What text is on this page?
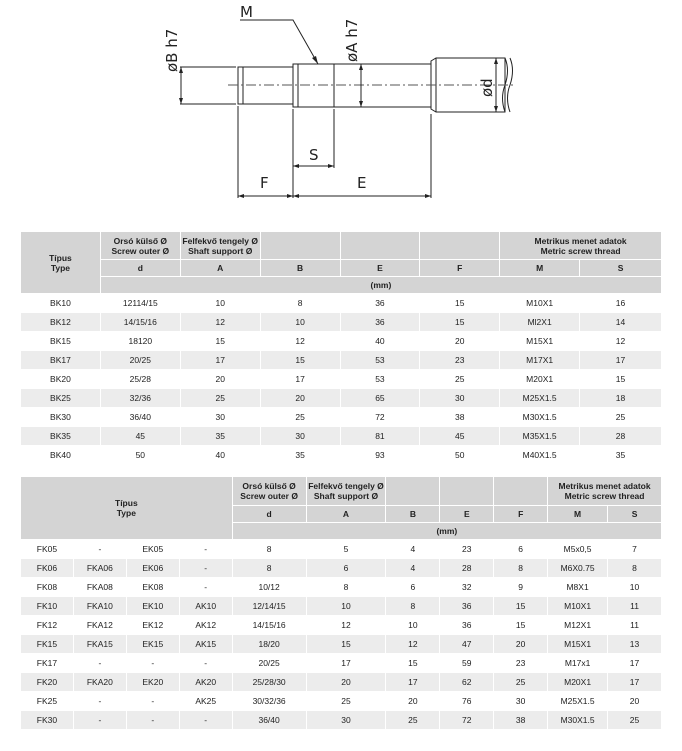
øB h7
M
øA h7
ød
S
F	E
Típus
Type	Orsó külső Ø
Screw outer Ø	Felfekvő tengely Ø
Shaft support Ø				Metrikus menet adatok
Metric screw thread	
	d	A	B	E	F	M	S
	(mm)						
BK10	12114/15	10	8	36	15	M10X1	16
BK12	14/15/16	12	10	36	15	Ml2X1	14
BK15	18120	15	12	40	20	M15X1	12
BK17	20/25	17	15	53	23	M17X1	17
BK20	25/28	20	17	53	25	M20X1	15
BK25	32/36	25	20	65	30	M25X1.5	18
BK30	36/40	30	25	72	38	M30X1.5	25
BK35	45	35	30	81	45	M35X1.5	28
BK40	50	40	35	93	50	M40X1.5	35
Típus
Type				Orsó külső Ø
Screw outer Ø	Felfekvő tengely Ø
Shaft support Ø				Metrikus menet adatok
Metric screw thread	
				d	A	B	E	F	M	S
				(mm)						
FK05	-	EK05	-	8	5	4	23	6	M5x0,5	7
FK06	FKA06	EK06	-	8	6	4	28	8	M6X0.75	8
FK08	FKA08	EK08	-	10/12	8	6	32	9	M8X1	10
FK10	FKA10	EK10	AK10	12/14/15	10	8	36	15	M10X1	11
FK12	FKA12	EK12	AK12	14/15/16	12	10	36	15	M12X1	11
FK15	FKA15	EK15	AK15	18/20	15	12	47	20	M15X1	13
FK17	-	-	-	20/25	17	15	59	23	M17x1	17
FK20	FKA20	EK20	AK20	25/28/30	20	17	62	25	M20X1	17
FK25	-	-	AK25	30/32/36	25	20	76	30	M25X1.5	20
FK30	-	-	-	36/40	30	25	72	38	M30X1.5	25
